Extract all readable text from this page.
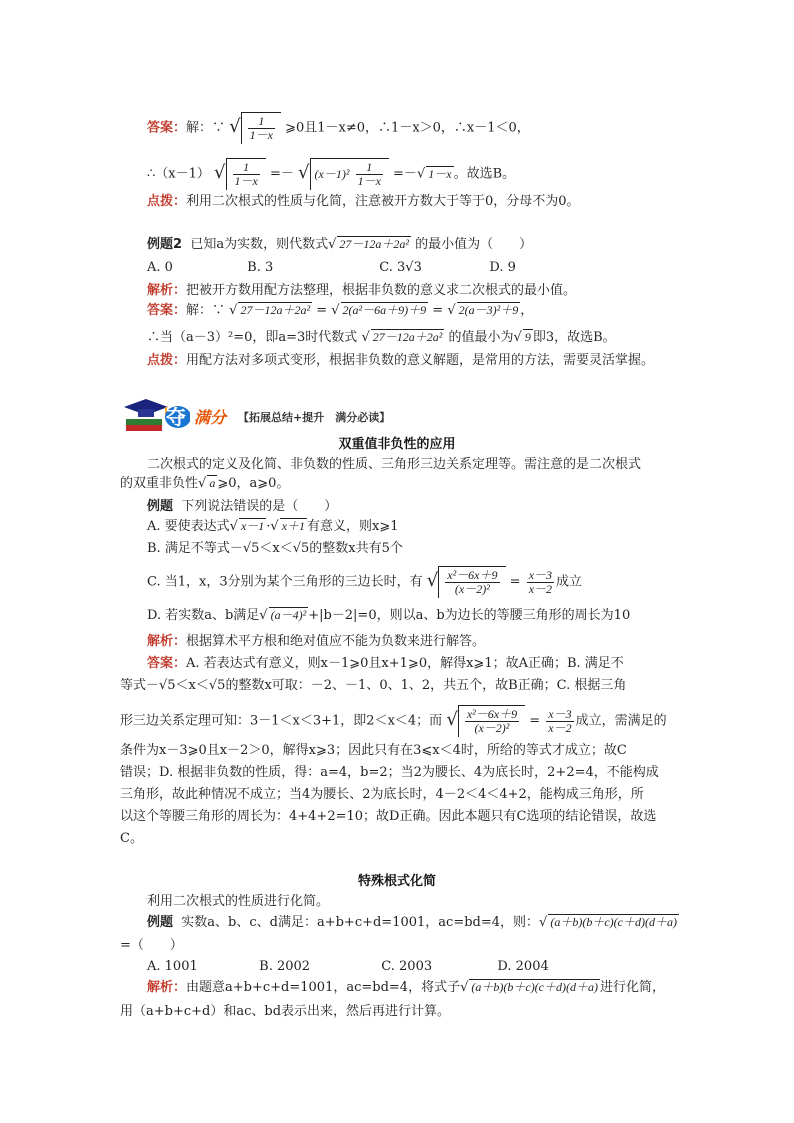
答案：解：∵ √ $\frac{1}{1-x}$ ⩾0且1－x≠0，∴1－x＞0，∴x－1＜0，
∴（x－1） √ $\frac{1}{1-x}$ =－ √ $(x-1)^2 \frac{1}{1-x}$ =－√ 1－x 。故选B。
点拨：利用二次根式的性质与化简，注意被开方数大于等于0，分母不为0。
例题2 已知a为实数，则代数式√ 27－12a＋2a² 的最小值为（　　）
A. 0	B. 3	C. 3√3	D. 9
解析：把被开方数用配方法整理，根据非负数的意义求二次根式的最小值。
答案：解：∵ √ 27－12a＋2a² = √ 2(a²－6a＋9)＋9 = √ 2(a－3)²＋9 ，
∴当（a－3）²=0，即a=3时代数式 √ 27－12a＋2a² 的值最小为√ 9 即3，故选B。
点拨：用配方法对多项式变形，根据非负数的意义解题，是常用的方法，需要灵活掌握。
夺 满分 【拓展总结+提升　满分必读】
双重值非负性的应用
二次根式的定义及化简、非负数的性质、三角形三边关系定理等。需注意的是二次根式
的双重非负性√ a ⩾0，a⩾0。
例题 下列说法错误的是（　　）
A. 要使表达式√ x－1 ·√ x＋1 有意义，则x⩾1
B. 满足不等式－√5＜x＜√5的整数x共有5个
C. 当1，x，3分别为某个三角形的三边长时，有 √ $\frac{\text{x²－6x＋9}}{\text{(x－2)²}} = \frac{x-3}{x-2}$ 成立
D. 若实数a、b满足√ (a－4)² +|b－2|=0，则以a、b为边长的等腰三角形的周长为10
解析：根据算术平方根和绝对值应不能为负数来进行解答。
答案：A. 若表达式有意义，则x－1⩾0且x+1⩾0，解得x⩾1；故A正确；B. 满足不
等式－√5＜x＜√5的整数x可取：－2、－1、0、1、2，共五个，故B正确；C. 根据三角
形三边关系定理可知：3－1＜x＜3+1，即2＜x＜4；而 √ $\frac{\text{x²－6x＋9}}{\text{(x－2)²}} = \frac{x-3}{x-2}$ 成立，需满足的
条件为x－3⩾0且x－2＞0，解得x⩾3；因此只有在3⩽x＜4时，所给的等式才成立；故C
错误；D. 根据非负数的性质，得：a=4，b=2；当2为腰长、4为底长时，2+2=4，不能构成
三角形，故此种情况不成立；当4为腰长、2为底长时，4－2＜4＜4+2，能构成三角形，所
以这个等腰三角形的周长为：4+4+2=10；故D正确。因此本题只有C选项的结论错误，故选
C。
特殊根式化简
利用二次根式的性质进行化简。
例题 实数a、b、c、d满足：a+b+c+d=1001，ac=bd=4，则：√ (a＋b)(b＋c)(c＋d)(d＋a)
=（　　）
A. 1001	B. 2002	C. 2003	D. 2004
解析：由题意a+b+c+d=1001，ac=bd=4，将式子√ (a＋b)(b＋c)(c＋d)(d＋a) 进行化简，
用（a+b+c+d）和ac、bd表示出来，然后再进行计算。
